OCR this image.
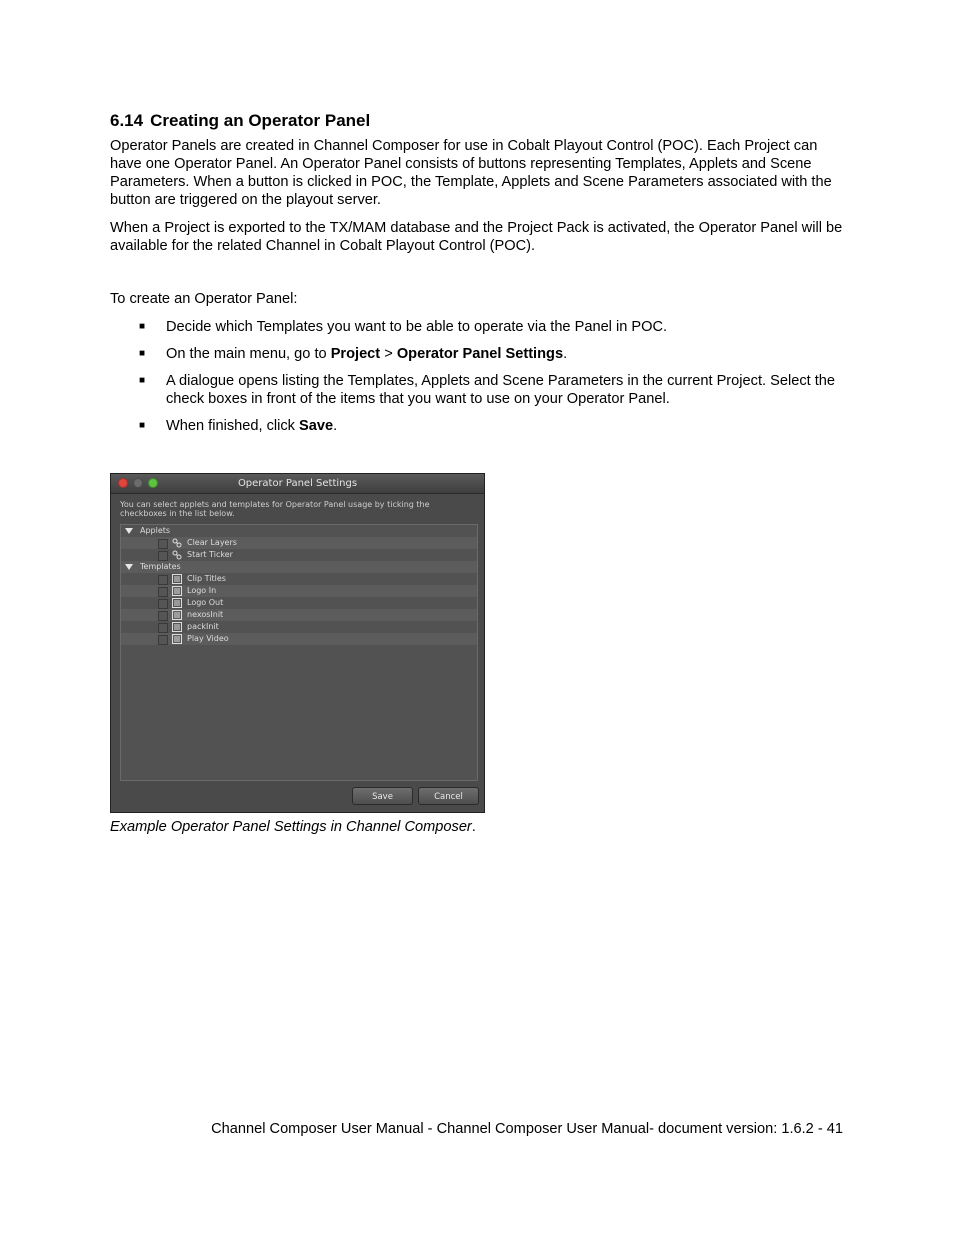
6.14 Creating an Operator Panel

Operator Panels are created in Channel Composer for use in Cobalt Playout Control (POC). Each Project can have one Operator Panel. An Operator Panel consists of buttons representing Templates, Applets and Scene Parameters. When a button is clicked in POC, the Template, Applets and Scene Parameters associated with the button are triggered on the playout server.

When a Project is exported to the TX/MAM database and the Project Pack is activated, the Operator Panel will be available for the related Channel in Cobalt Playout Control (POC).

To create an Operator Panel:
■ Decide which Templates you want to be able to operate via the Panel in POC.
■ On the main menu, go to Project > Operator Panel Settings.
■ A dialogue opens listing the Templates, Applets and Scene Parameters in the current Project. Select the check boxes in front of the items that you want to use on your Operator Panel.
■ When finished, click Save.
Operator Panel Settings

You can select applets and templates for Operator Panel usage by ticking the checkboxes in the list below.

Applets
Clear Layers
Start Ticker
Templates
Clip Titles
Logo In
Logo Out
nexosInit
packInit
Play Video
Save	Cancel
Example Operator Panel Settings in Channel Composer.
Channel Composer User Manual - Channel Composer User Manual- document version: 1.6.2 - 41
